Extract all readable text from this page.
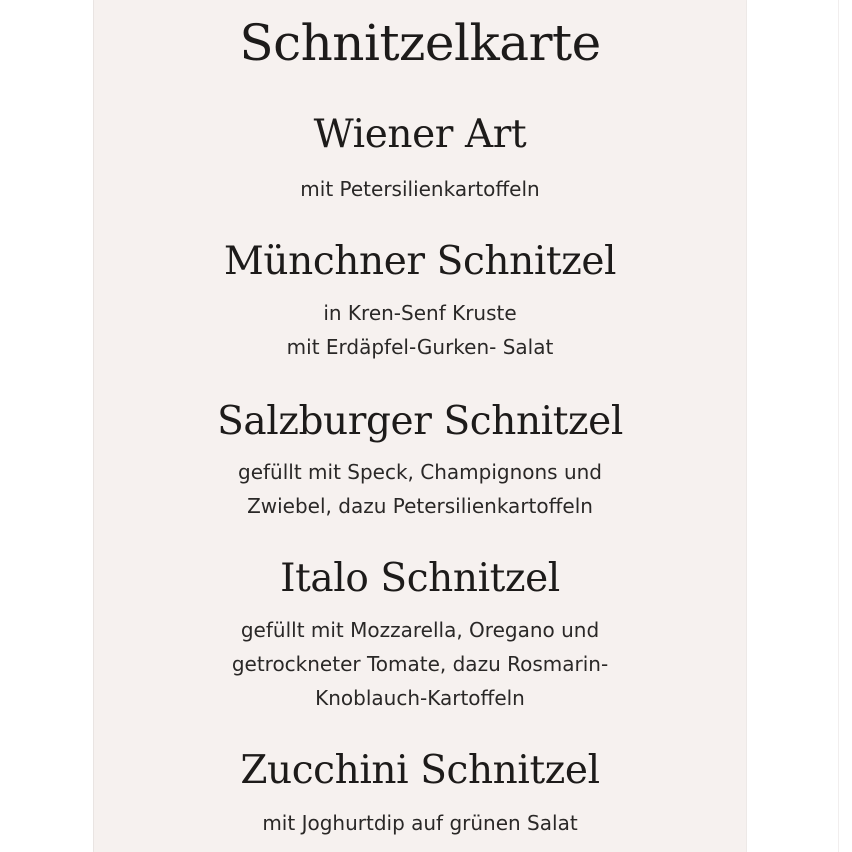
Schnitzelkarte
Wiener Art
mit Petersilienkartoffeln
Münchner Schnitzel
in Kren-Senf Kruste
mit Erdäpfel-Gurken- Salat
Salzburger Schnitzel
gefüllt mit Speck, Champignons und
Zwiebel, dazu Petersilienkartoffeln
Italo Schnitzel
gefüllt mit Mozzarella, Oregano und
getrockneter Tomate, dazu Rosmarin-
Knoblauch-Kartoffeln
Zucchini Schnitzel
mit Joghurtdip auf grünen Salat
